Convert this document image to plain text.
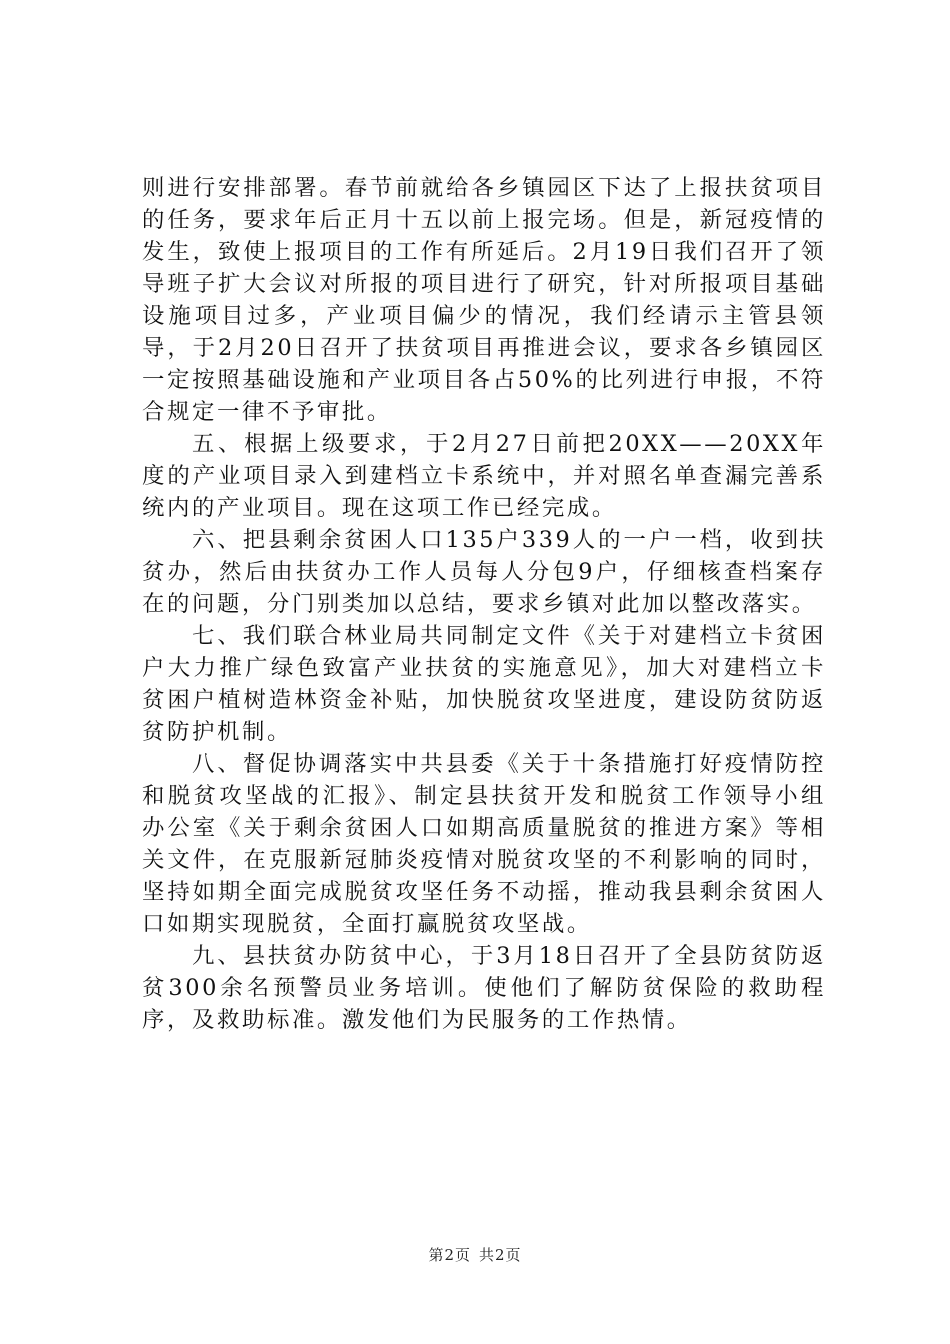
则进行安排部署。春节前就给各乡镇园区下达了上报扶贫项目的任务，要求年后正月十五以前上报完场。但是，新冠疫情的发生，致使上报项目的工作有所延后。2月19日我们召开了领导班子扩大会议对所报的项目进行了研究，针对所报项目基础设施项目过多，产业项目偏少的情况，我们经请示主管县领导，于2月20日召开了扶贫项目再推进会议，要求各乡镇园区一定按照基础设施和产业项目各占50%的比列进行申报，不符合规定一律不予审批。

五、根据上级要求，于2月27日前把20XX——20XX年度的产业项目录入到建档立卡系统中，并对照名单查漏完善系统内的产业项目。现在这项工作已经完成。

六、把县剩余贫困人口135户339人的一户一档，收到扶贫办，然后由扶贫办工作人员每人分包9户，仔细核查档案存在的问题，分门别类加以总结，要求乡镇对此加以整改落实。

七、我们联合林业局共同制定文件《关于对建档立卡贫困户大力推广绿色致富产业扶贫的实施意见》，加大对建档立卡贫困户植树造林资金补贴，加快脱贫攻坚进度，建设防贫防返贫防护机制。

八、督促协调落实中共县委《关于十条措施打好疫情防控和脱贫攻坚战的汇报》、制定县扶贫开发和脱贫工作领导小组办公室《关于剩余贫困人口如期高质量脱贫的推进方案》等相关文件，在克服新冠肺炎疫情对脱贫攻坚的不利影响的同时，坚持如期全面完成脱贫攻坚任务不动摇，推动我县剩余贫困人口如期实现脱贫，全面打赢脱贫攻坚战。

九、县扶贫办防贫中心，于3月18日召开了全县防贫防返贫300余名预警员业务培训。使他们了解防贫保险的救助程序，及救助标准。激发他们为民服务的工作热情。

第2页 共2页
